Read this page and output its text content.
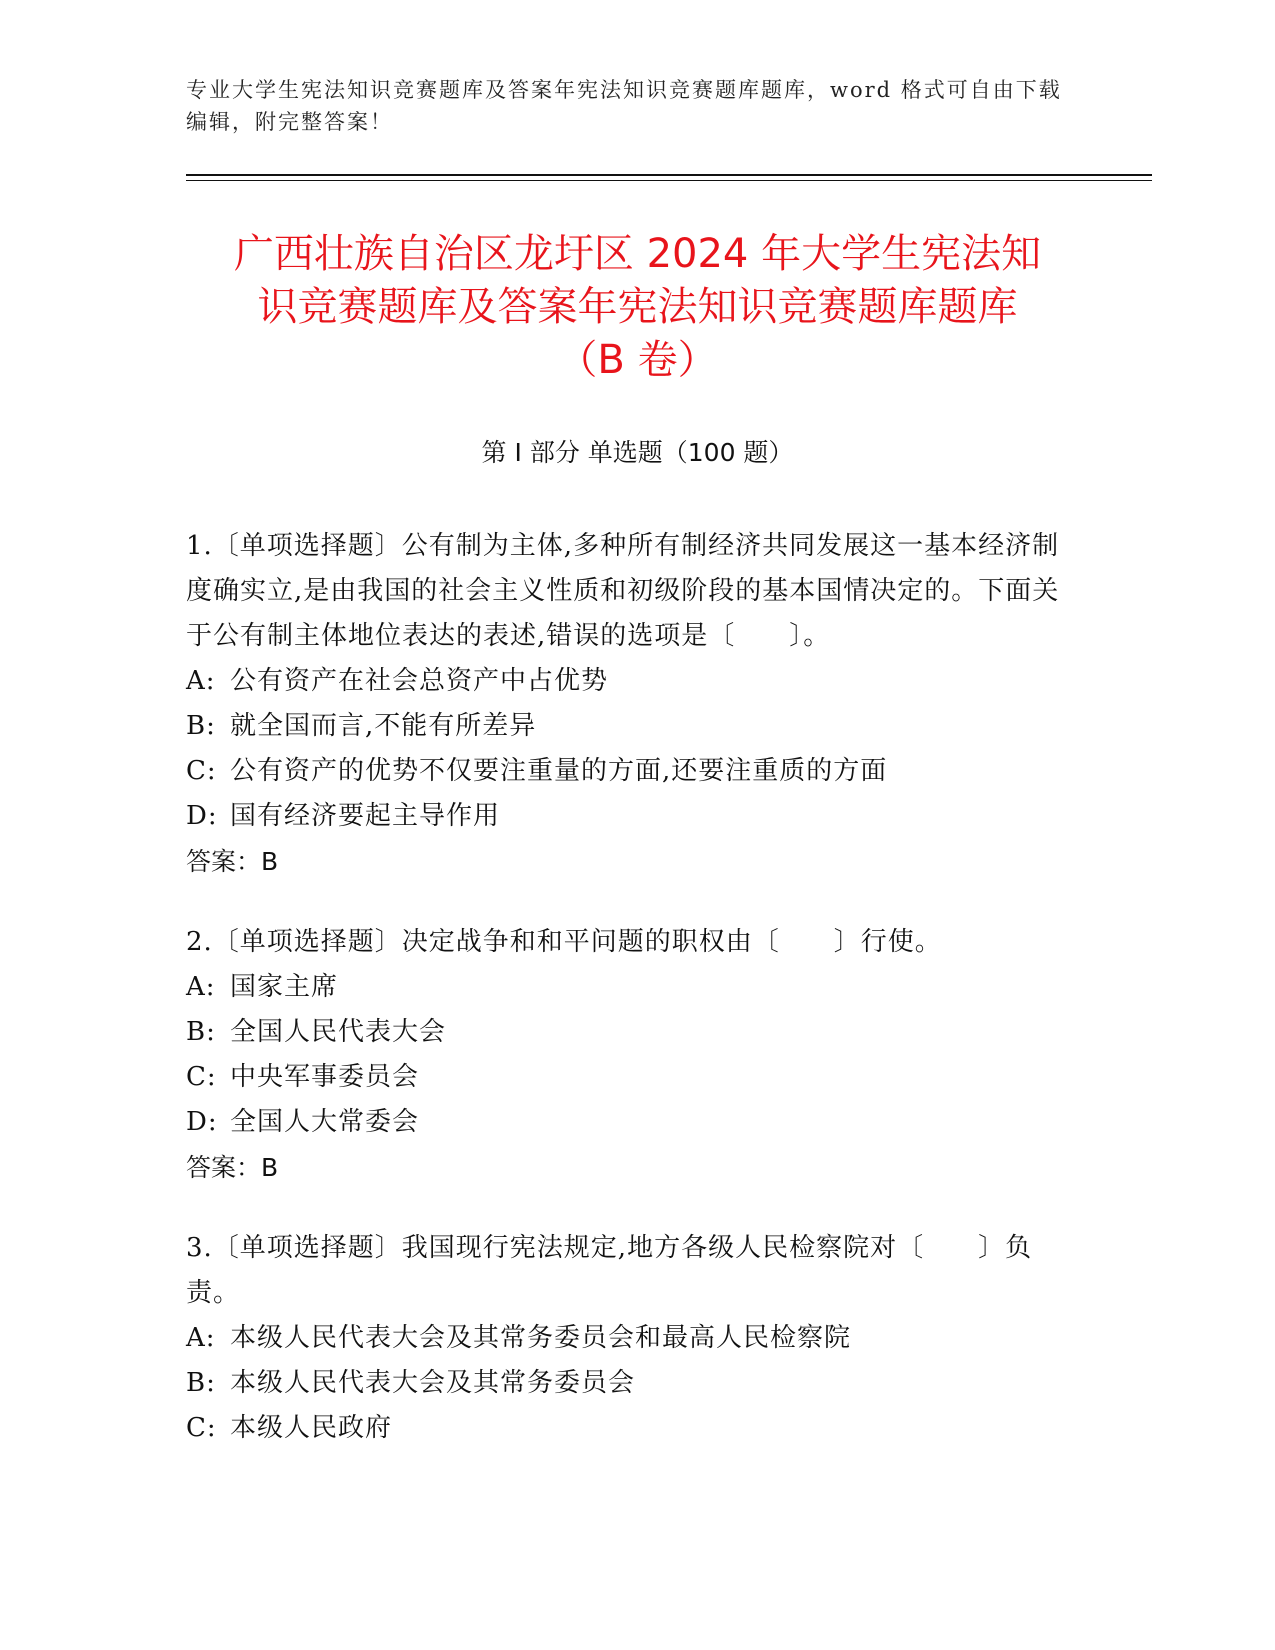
专业大学生宪法知识竞赛题库及答案年宪法知识竞赛题库题库，word 格式可自由下载编辑，附完整答案！
广西壮族自治区龙圩区 2024 年大学生宪法知
识竞赛题库及答案年宪法知识竞赛题库题库
（B 卷）
第 I 部分 单选题（100 题）

1.〔单项选择题〕公有制为主体,多种所有制经济共同发展这一基本经济制度确实立,是由我国的社会主义性质和初级阶段的基本国情决定的。下面关于公有制主体地位表达的表述,错误的选项是〔　　〕。

A: 公有资产在社会总资产中占优势

B: 就全国而言,不能有所差异

C: 公有资产的优势不仅要注重量的方面,还要注重质的方面

D: 国有经济要起主导作用

答案：B

2.〔单项选择题〕决定战争和和平问题的职权由〔　　〕行使。

A: 国家主席

B: 全国人民代表大会

C: 中央军事委员会

D: 全国人大常委会

答案：B

3.〔单项选择题〕我国现行宪法规定,地方各级人民检察院对〔　　〕负责。

A: 本级人民代表大会及其常务委员会和最高人民检察院

B: 本级人民代表大会及其常务委员会

C: 本级人民政府
